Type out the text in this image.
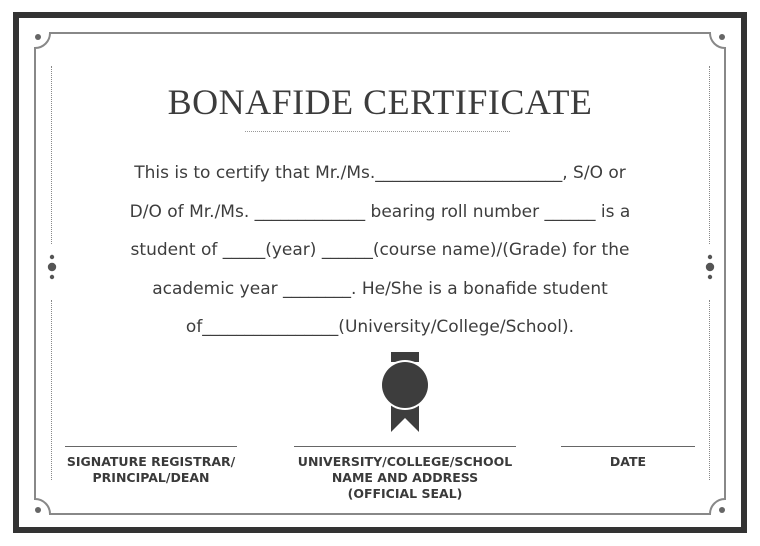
BONAFIDE CERTIFICATE
This is to certify that Mr./Ms.______________________, S/O or
D/O of Mr./Ms. _____________ bearing roll number ______ is a
student of _____(year) ______(course name)/(Grade) for the
academic year ________. He/She is a bonafide student
of________________(University/College/School).
SIGNATURE REGISTRAR/
PRINCIPAL/DEAN
UNIVERSITY/COLLEGE/SCHOOL
NAME AND ADDRESS
(OFFICIAL SEAL)
DATE
